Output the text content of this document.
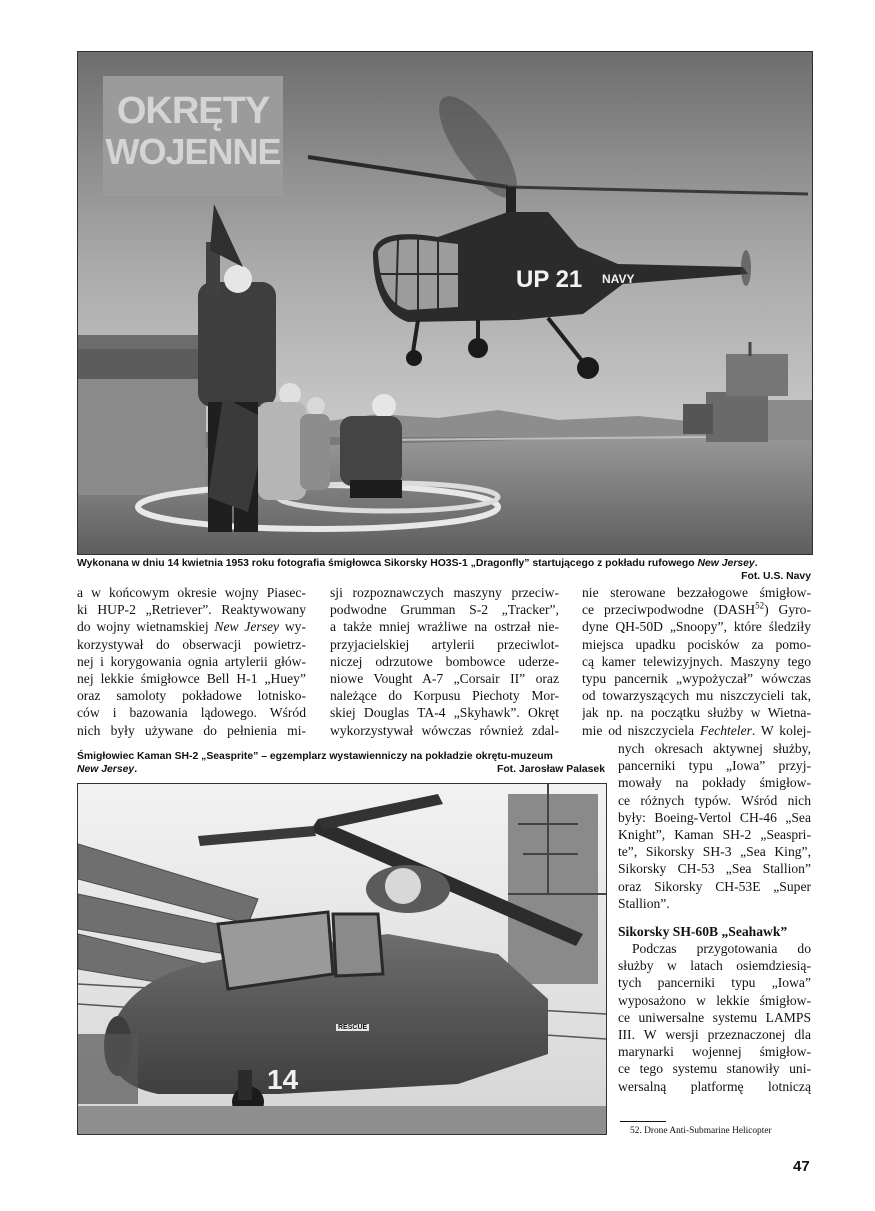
UP 21 NAVY
OKRĘTY
WOJENNE
Wykonana w dniu 14 kwietnia 1953 roku fotografia śmigłowca Sikorsky HO3S-1 „Dragonfly” startującego z pokładu rufowego New Jersey.
Fot. U.S. Navy
a w końcowym okresie wojny Piasec-
ki HUP-2 „Retriever”. Reaktywowany
do wojny wietnamskiej New Jersey wy-
korzystywał do obserwacji powietrz-
nej i korygowania ognia artylerii głów-
nej lekkie śmigłowce Bell H-1 „Huey”
oraz samoloty pokładowe lotnisko-
ców i bazowania lądowego. Wśród
nich były używane do pełnienia mi-
sji rozpoznawczych maszyny przeciw-
podwodne Grumman S-2 „Tracker”,
a także mniej wrażliwe na ostrzał nie-
przyjacielskiej artylerii przeciwlot-
niczej odrzutowe bombowce uderze-
niowe Vought A-7 „Corsair II” oraz
należące do Korpusu Piechoty Mor-
skiej Douglas TA-4 „Skyhawk”. Okręt
wykorzystywał wówczas również zdal-
nie sterowane bezzałogowe śmigłow-
ce przeciwpodwodne (DASH$^{52}$) Gyro-
dyne QH-50D „Snoopy”, które śledziły
miejsca upadku pocisków za pomo-
cą kamer telewizyjnych. Maszyny tego
typu pancernik „wypożyczał” wówczas
od towarzyszących mu niszczycieli tak,
jak np. na początku służby w Wietna-
mie od niszczyciela Fechteler. W kolej-
nych okresach aktywnej służby,
pancerniki typu „Iowa” przyj-
mowały na pokłady śmigłow-
ce różnych typów. Wśród nich
były: Boeing-Vertol CH-46 „Sea
Knight”, Kaman SH-2 „Seaspri-
te”, Sikorsky SH-3 „Sea King”,
Sikorsky CH-53 „Sea Stallion”
oraz Sikorsky CH-53E „Super
Stallion”.
Sikorsky SH-60B „Seahawk”
Podczas przygotowania do
służby w latach osiemdziesią-
tych pancerniki typu „Iowa”
wyposażono w lekkie śmigłow-
ce uniwersalne systemu LAMPS
III. W wersji przeznaczonej dla
marynarki wojennej śmigłow-
ce tego systemu stanowiły uni-
wersalną platformę lotniczą
Śmigłowiec Kaman SH-2 „Seasprite” – egzemplarz wystawienniczy na pokładzie okrętu-muzeum
New Jersey.	Fot. Jarosław Palasek
14
RESCUE
52. Drone Anti-Submarine Helicopter
47
